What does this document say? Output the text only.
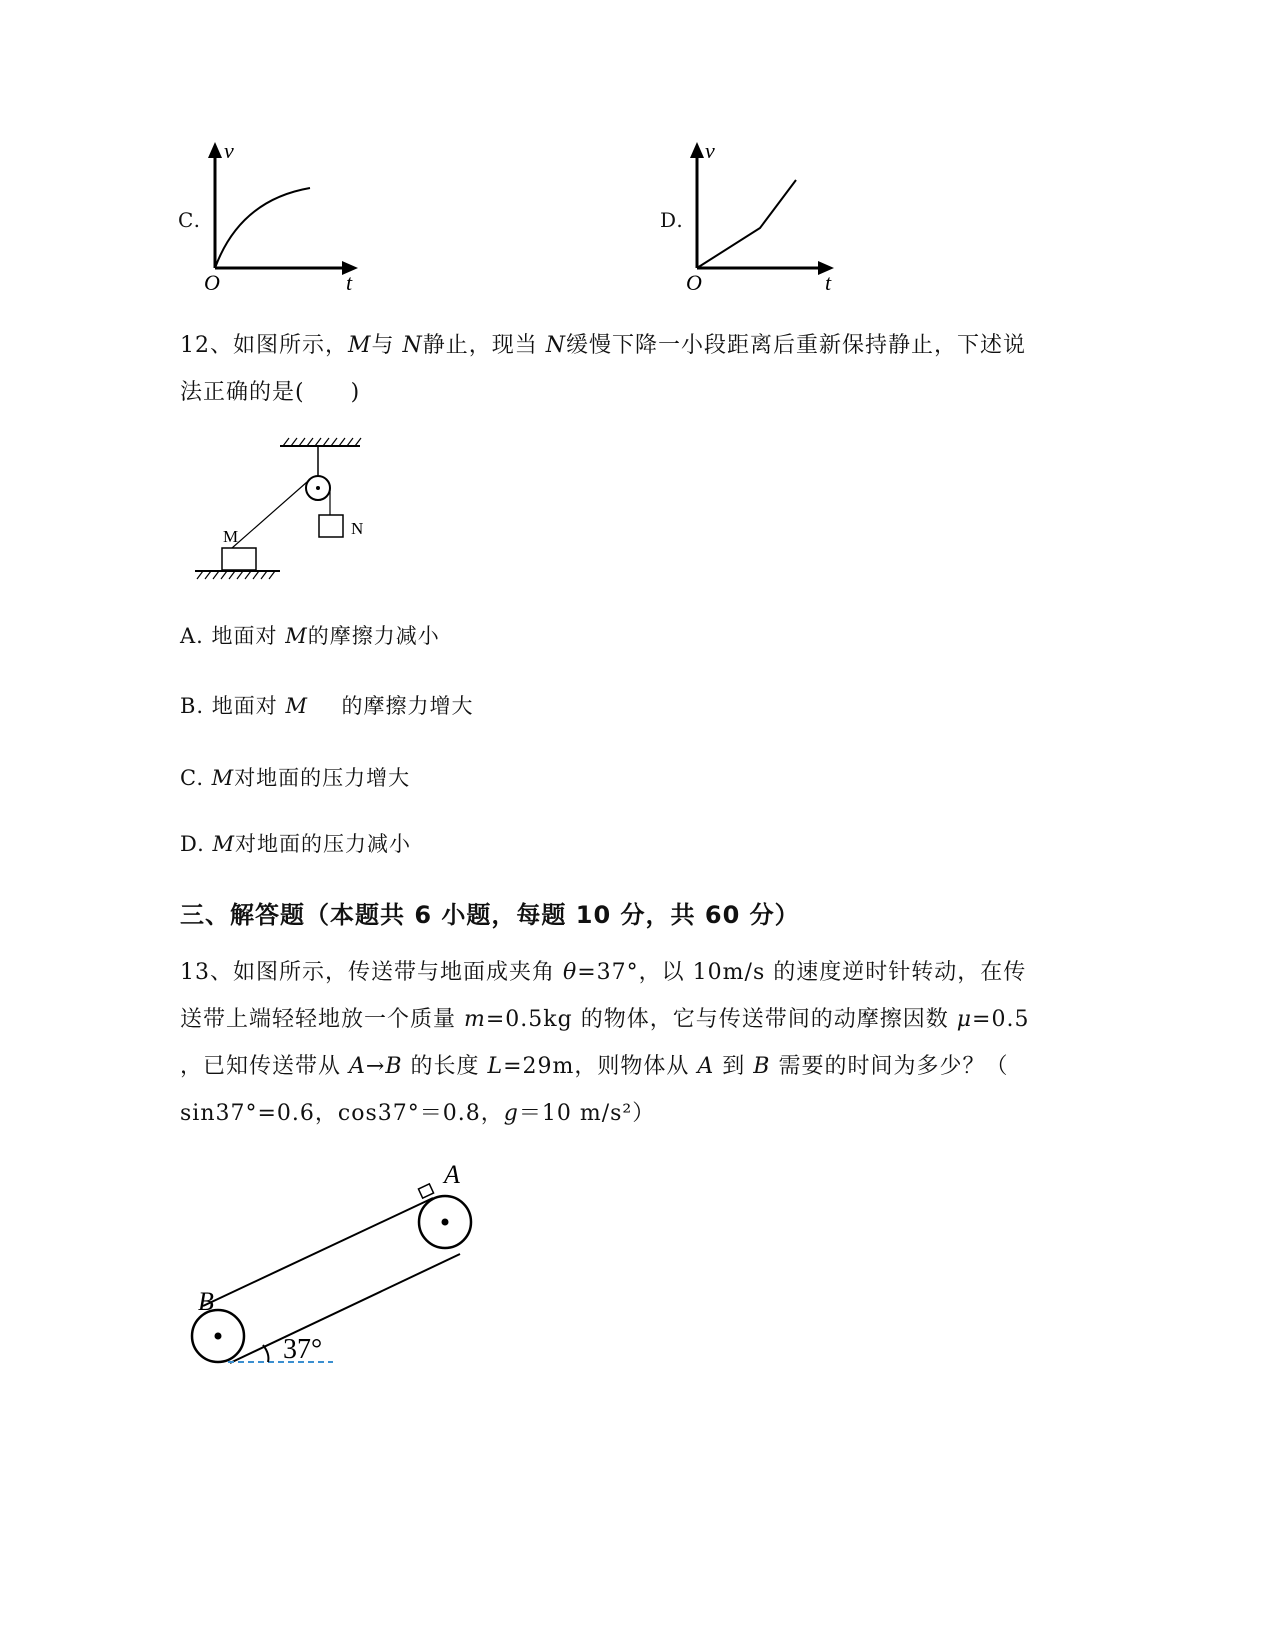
C.
v
t
O
D.
v
t
O
12、如图所示，M与 N静止，现当 N缓慢下降一小段距离后重新保持静止，下述说
法正确的是(　　)
N
M
A. 地面对 M的摩擦力减小
B. 地面对 M 的摩擦力增大
C. M对地面的压力增大
D. M对地面的压力减小
三、解答题（本题共 6 小题，每题 10 分，共 60 分）
13、如图所示，传送带与地面成夹角 θ=37°，以 10m/s 的速度逆时针转动，在传
送带上端轻轻地放一个质量 m=0.5kg 的物体，它与传送带间的动摩擦因数 μ=0.5
，已知传送带从 A→B 的长度 L=29m，则物体从 A 到 B 需要的时间为多少？（
sin37°=0.6，cos37°＝0.8，g＝10 m/s²）
A
B
37°
